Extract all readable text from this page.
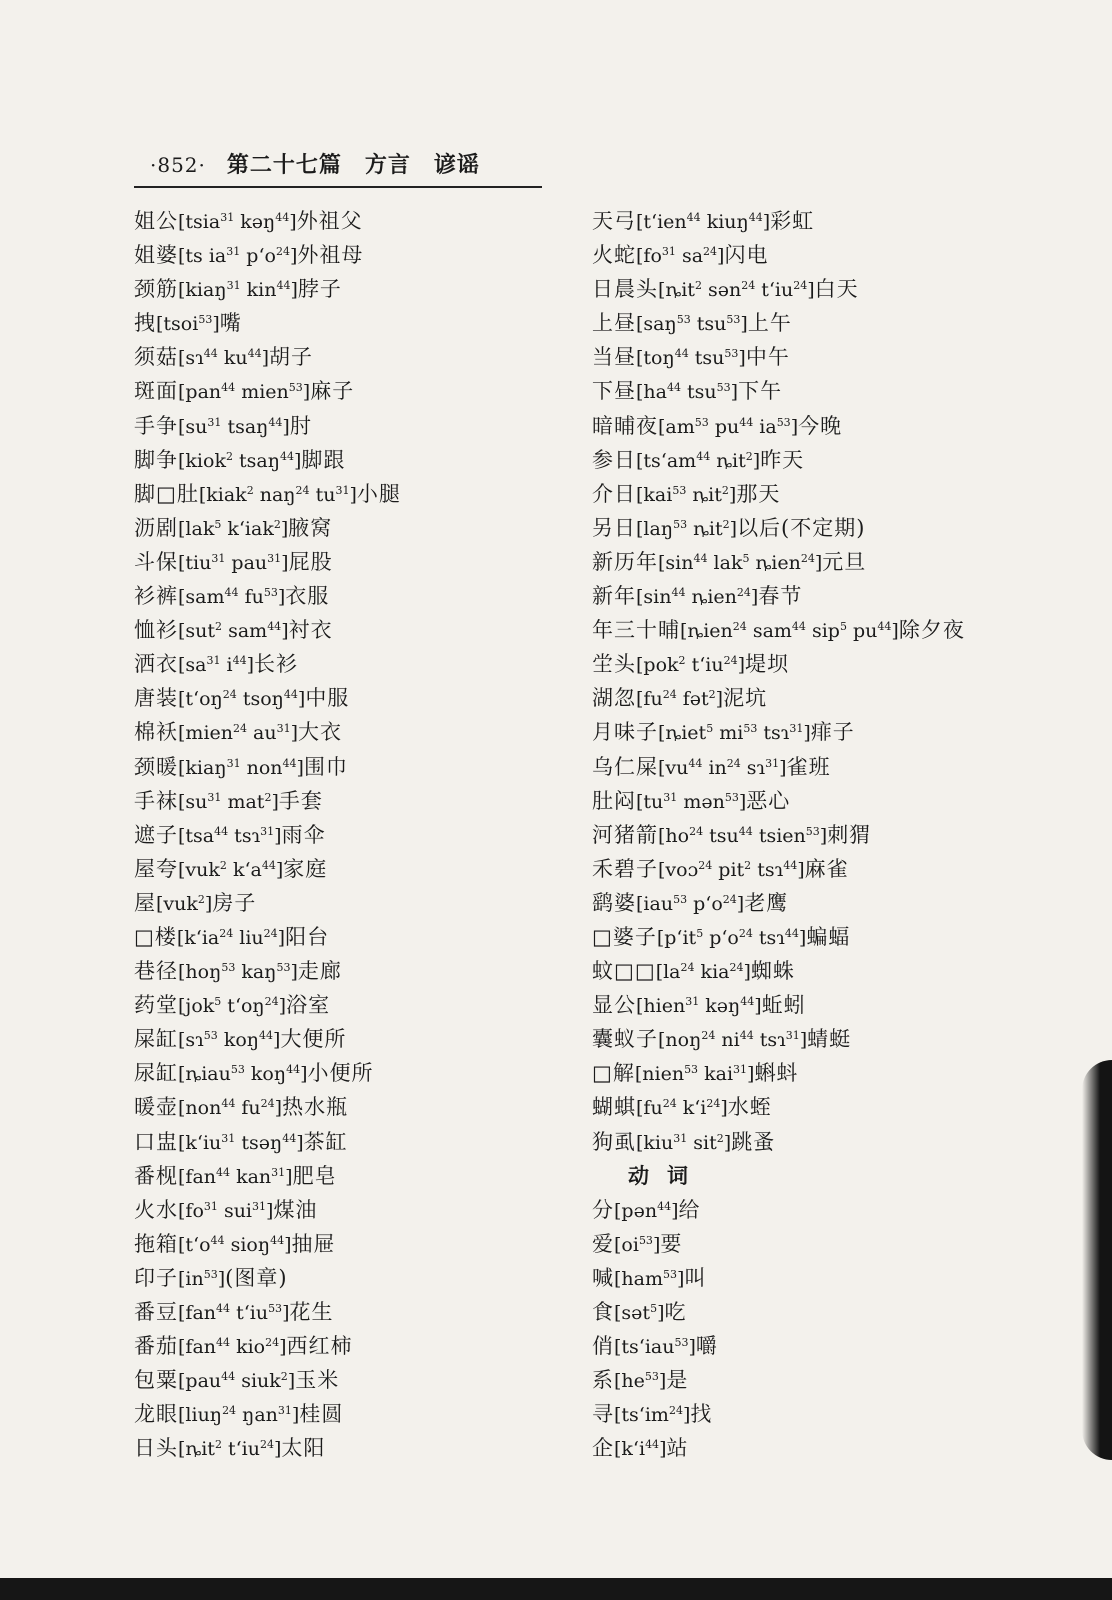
·852· 第二十七篇　方言　谚谣
姐公[tsia$^{31}$ kəŋ$^{44}$]外祖父
姐婆[ts $ia^{31}$ pʻo$^{24}$]外祖母
颈筋[kiaŋ$^{31}$ kin$^{44}$]脖子
拽[tsoi$^{53}$]嘴
须菇[sɿ$^{44}$ $ku^{44}$]胡子
斑面[pan$^{44}$ mien$^{53}$]麻子
手争[$su^{31}$ tsaŋ$^{44}$]肘
脚争[kiok$^2$ tsaŋ$^{44}$]脚跟
脚□肚[kiak$^2$ naŋ$^{24}$ $tu^{31}$]小腿
沥剧[lak$^5$ kʻiak$^2$]腋窝
斗保[tiu$^{31}$ pau$^{31}$]屁股
衫裤[sam$^{44}$ $fu^{53}$]衣服
恤衫[sut$^2$ sam$^{44}$]衬衣
洒衣[$sa^{31}$ $i^{44}$]长衫
唐装[tʻoŋ$^{24}$ tsoŋ$^{44}$]中服
棉袄[mien$^{24}$ $au^{31}$]大衣
颈暖[kiaŋ$^{31}$ non$^{44}$]围巾
手袜[$su^{31}$ mat$^2$]手套
遮子[tsa$^{44}$ tsɿ$^{31}$]雨伞
屋夸[vuk$^2$ kʻa$^{44}$]家庭
屋[vuk$^2$]房子
□楼[kʻia$^{24}$ liu$^{24}$]阳台
巷径[hoŋ$^{53}$ kaŋ$^{53}$]走廊
药堂[jok$^5$ tʻoŋ$^{24}$]浴室
屎缸[sɿ$^{53}$ koŋ$^{44}$]大便所
尿缸[ȵiau$^{53}$ koŋ$^{44}$]小便所
暖壶[non$^{44}$ $fu^{24}$]热水瓶
口盅[kʻiu$^{31}$ tsəŋ$^{44}$]茶缸
番枧[fan$^{44}$ kan$^{31}$]肥皂
火水[$fo^{31}$ sui$^{31}$]煤油
拖箱[tʻo$^{44}$ sioŋ$^{44}$]抽屉
印子$[in^{53}]$(图章)
番豆[fan$^{44}$ tʻiu$^{53}$]花生
番茄[fan$^{44}$ kio$^{24}$]西红柿
包粟[pau$^{44}$ siuk$^2$]玉米
龙眼[liuŋ$^{24}$ ŋan$^{31}$]桂圆
日头[ȵit$^2$ tʻiu$^{24}$]太阳
天弓[tʻien$^{44}$ kiuŋ$^{44}$]彩虹
火蛇[$fo^{31}$ $sa^{24}$]闪电
日晨头[ȵit$^2$ sən$^{24}$ tʻiu$^{24}$]白天
上昼[saŋ$^{53}$ tsu$^{53}$]上午
当昼[toŋ$^{44}$ tsu$^{53}$]中午
下昼[$ha^{44}$ tsu$^{53}$]下午
暗晡夜[$am^{53}$ $pu^{44}$ $ia^{53}$]今晚
参日[tsʻam$^{44}$ ȵit$^2$]昨天
介日[kai$^{53}$ ȵit$^2$]那天
另日[laŋ$^{53}$ ȵit$^2$]以后(不定期)
新历年[$\sin^{44}$ lak$^5$ ȵien$^{24}$]元旦
新年[$\sin^{44}$ ȵien$^{24}$]春节
年三十晡[ȵien$^{24}$ sam$^{44}$ sip$^5$ $pu^{44}$]除夕夜
坣头[pok$^2$ tʻiu$^{24}$]堤坝
湖忽[$fu^{24}$ fət$^2$]泥坑
月味子[ȵiet$^5$ $mi^{53}$ tsɿ$^{31}$]痱子
乌仁屎[$vu^{44}$ $in^{24}$ sɿ$^{31}$]雀班
肚闷[$tu^{31}$ mən$^{53}$]恶心
河猪箭[$ho^{24}$ tsu$^{44}$ tsien$^{53}$]刺猬
禾碧子[voɔ$^{24}$ pit$^2$ tsɿ$^{44}$]麻雀
鹞婆[iau$^{53}$ pʻo$^{24}$]老鹰
□婆子[pʻit$^5$ pʻo$^{24}$ tsɿ$^{44}$]蝙蝠
蚊$□□[la^{24}$ kia$^{24}$]蜘蛛
显公[hien$^{31}$ kəŋ$^{44}$]蚯蚓
囊蚁子[noŋ$^{24}$ $ni^{44}$ tsɿ$^{31}$]蜻蜓
□解[nien$^{53}$ kai$^{31}$]蝌蚪
蝴蜞[$fu^{24}$ kʻi$^{24}$]水蛭
狗虱[kiu$^{31}$ sit$^2$]跳蚤
动词
分[pən$^{44}$]给
爱$[oi^{53}]$要
喊[ham$^{53}$]叫
食[sət$^5$]吃
俏[tsʻiau$^{53}$]嚼
系$[he^{53}]$是
寻[tsʻim$^{24}$]找
企[kʻi$^{44}$]站
